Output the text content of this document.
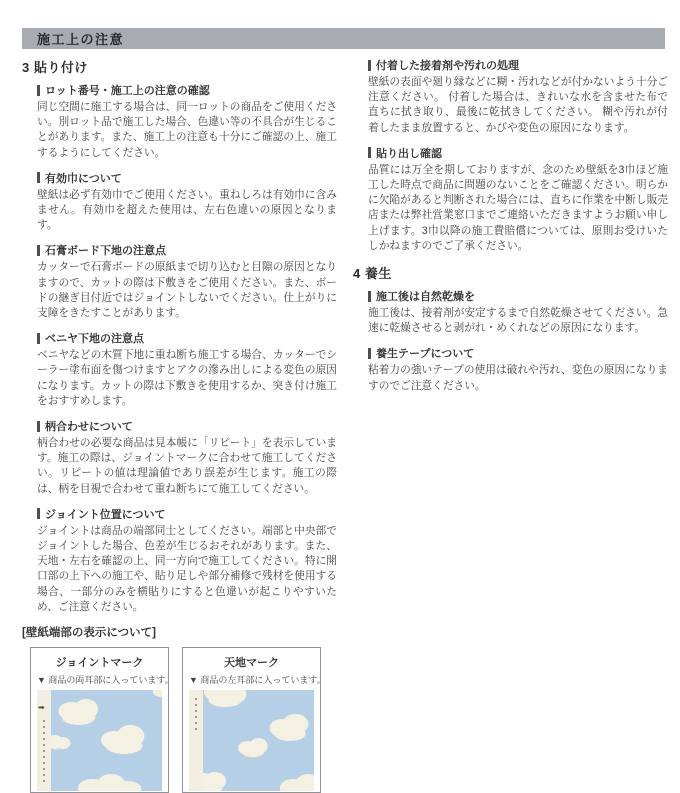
施工上の注意
3 貼り付け
ロット番号・施工上の注意の確認
同じ空間に施工する場合は、同一ロットの商品をご使用ください。別ロット品で施工した場合、色違い等の不具合が生じることがあります。また、施工上の注意も十分にご確認の上、施工するようにしてください。
有効巾について
壁紙は必ず有効巾でご使用ください。重ねしろは有効巾に含みません。有効巾を超えた使用は、左右色違いの原因となります。
石膏ボード下地の注意点
カッターで石膏ボードの原紙まで切り込むと目隙の原因となりますので、カットの際は下敷きをご使用ください。また、ボードの継ぎ目付近ではジョイントしないでください。仕上がりに支障をきたすことがあります。
ベニヤ下地の注意点
ベニヤなどの木質下地に重ね断ち施工する場合、カッターでシーラー塗布面を傷つけますとアクの滲み出しによる変色の原因になります。カットの際は下敷きを使用するか、突き付け施工をおすすめします。
柄合わせについて
柄合わせの必要な商品は見本帳に「リピート」を表示しています。施工の際は、ジョイントマークに合わせて施工してください。リピートの値は理論値であり誤差が生じます。施工の際は、柄を目視で合わせて重ね断ちにて施工してください。
ジョイント位置について
ジョイントは商品の端部同士としてください。端部と中央部でジョイントした場合、色差が生じるおそれがあります。また、天地・左右を確認の上、同一方向で施工してください。特に開口部の上下への施工や、貼り足しや部分補修で残材を使用する場合、一部分のみを横貼りにすると色違いが起こりやすいため、ご注意ください。
[壁紙端部の表示について]
ジョイントマーク
▼ 商品の両耳部に入っています。
➡
天地マーク
▼ 商品の左耳部に入っています。
付着した接着剤や汚れの処理
壁紙の表面や廻り縁などに糊・汚れなどが付かないよう十分ご注意ください。 付着した場合は、きれいな水を含ませた布で直ちに拭き取り、最後に乾拭きしてください。 糊や汚れが付着したまま放置すると、かびや変色の原因になります。
貼り出し確認
品質には万全を期しておりますが、念のため壁紙を3巾ほど施工した時点で商品に問題のないことをご確認ください。明らかに欠陥があると判断された場合には、直ちに作業を中断し販売店または弊社営業窓口までご連絡いただきますようお願い申し上げます。3巾以降の施工費賠償については、原則お受けいたしかねますのでご了承ください。
4 養生
施工後は自然乾燥を
施工後は、接着剤が安定するまで自然乾燥させてください。急速に乾燥させると剥がれ・めくれなどの原因になります。
養生テープについて
粘着力の強いテープの使用は破れや汚れ、変色の原因になりますのでご注意ください。
